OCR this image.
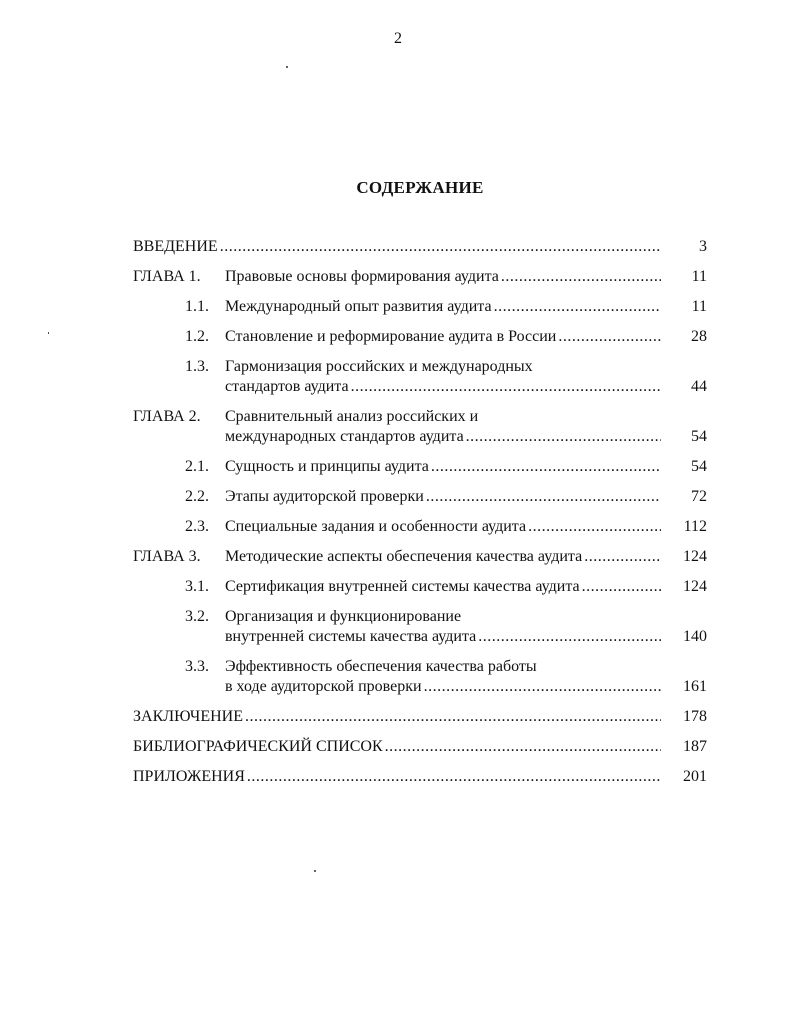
2
СОДЕРЖАНИЕ
ВВЕДЕНИЕ .....	3
ГЛАВА 1. Правовые основы формирования аудита .....	11
1.1. Международный опыт развития аудита .....	11
1.2. Становление и реформирование аудита в России .....	28
1.3. Гармонизация российских и международных
стандартов аудита .....	44
ГЛАВА 2. Сравнительный анализ российских и
международных стандартов аудита .....	54
2.1. Сущность и принципы аудита .....	54
2.2. Этапы аудиторской проверки .....	72
2.3. Специальные задания и особенности аудита .....	112
ГЛАВА 3. Методические аспекты обеспечения качества аудита .....	124
3.1. Сертификация внутренней системы качества аудита .....	124
3.2. Организация и функционирование
внутренней системы качества аудита .....	140
3.3. Эффективность обеспечения качества работы
в ходе аудиторской проверки .....	161
ЗАКЛЮЧЕНИЕ .....	178
БИБЛИОГРАФИЧЕСКИЙ СПИСОК .....	187
ПРИЛОЖЕНИЯ .....	201
